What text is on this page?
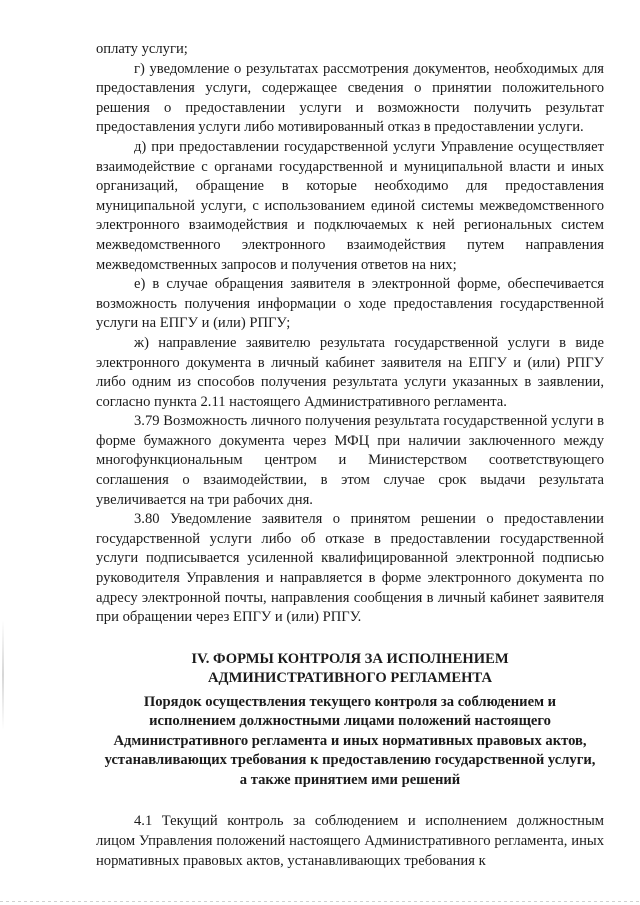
оплату услуги;

г) уведомление о результатах рассмотрения документов, необходимых для предоставления услуги, содержащее сведения о принятии положительного решения о предоставлении услуги и возможности получить результат предоставления услуги либо мотивированный отказ в предоставлении услуги.

д) при предоставлении государственной услуги Управление осуществляет взаимодействие с органами государственной и муниципальной власти и иных организаций, обращение в которые необходимо для предоставления муниципальной услуги, с использованием единой системы межведомственного электронного взаимодействия и подключаемых к ней региональных систем межведомственного электронного взаимодействия путем направления межведомственных запросов и получения ответов на них;

е) в случае обращения заявителя в электронной форме, обеспечивается возможность получения информации о ходе предоставления государственной услуги на ЕПГУ и (или) РПГУ;

ж) направление заявителю результата государственной услуги в виде электронного документа в личный кабинет заявителя на ЕПГУ и (или) РПГУ либо одним из способов получения результата услуги указанных в заявлении, согласно пункта 2.11 настоящего Административного регламента.

3.79 Возможность личного получения результата государственной услуги в форме бумажного документа через МФЦ при наличии заключенного между многофункциональным центром и Министерством соответствующего соглашения о взаимодействии, в этом случае срок выдачи результата увеличивается на три рабочих дня.

3.80 Уведомление заявителя о принятом решении о предоставлении государственной услуги либо об отказе в предоставлении государственной услуги подписывается усиленной квалифицированной электронной подписью руководителя Управления и направляется в форме электронного документа по адресу электронной почты, направления сообщения в личный кабинет заявителя при обращении через ЕПГУ и (или) РПГУ.

IV. ФОРМЫ КОНТРОЛЯ ЗА ИСПОЛНЕНИЕМ
АДМИНИСТРАТИВНОГО РЕГЛАМЕНТА
Порядок осуществления текущего контроля за соблюдением и исполнением должностными лицами положений настоящего Административного регламента и иных нормативных правовых актов, устанавливающих требования к предоставлению государственной услуги, а также принятием ими решений

4.1 Текущий контроль за соблюдением и исполнением должностным лицом Управления положений настоящего Административного регламента, иных нормативных правовых актов, устанавливающих требования к
